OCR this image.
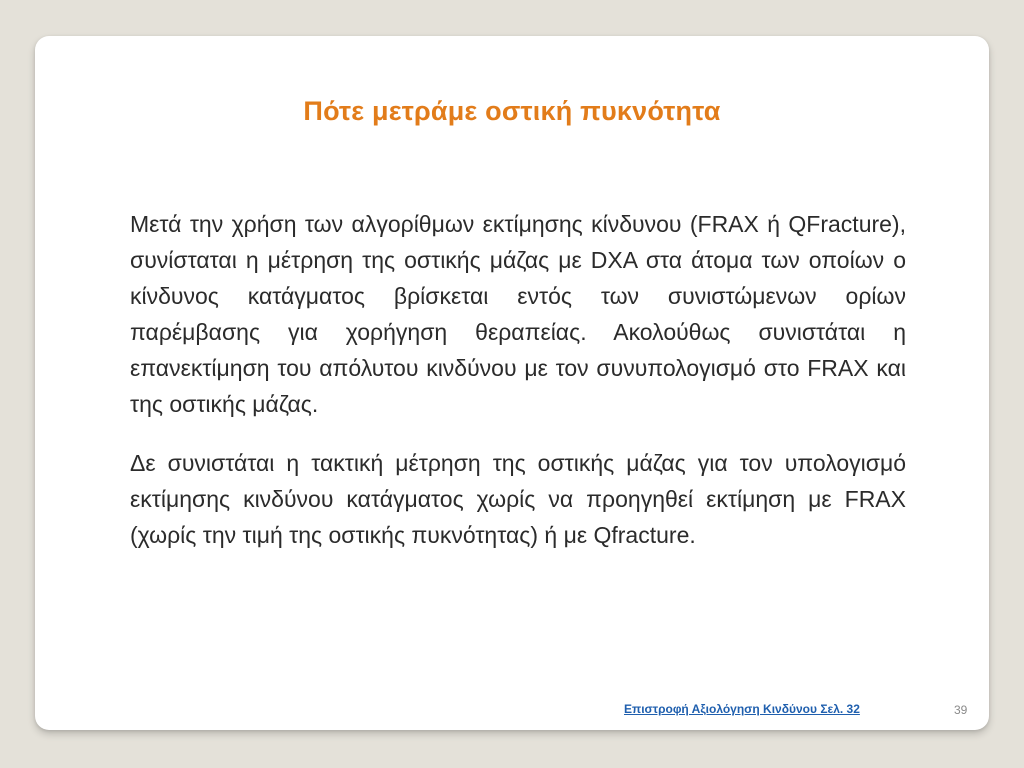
Πότε μετράμε οστική πυκνότητα

Μετά την χρήση των αλγορίθμων εκτίμησης κίνδυνου (FRAX ή QFracture), συνίσταται η μέτρηση της οστικής μάζας με DXA στα άτομα των οποίων ο κίνδυνος κατάγματος βρίσκεται εντός των συνιστώμενων ορίων παρέμβασης για χορήγηση θεραπείας. Ακολούθως συνιστάται η επανεκτίμηση του απόλυτου κινδύνου με τον συνυπολογισμό στο FRAX και της οστικής μάζας.

Δε συνιστάται η τακτική μέτρηση της οστικής μάζας για τον υπολογισμό εκτίμησης κινδύνου κατάγματος χωρίς να προηγηθεί εκτίμηση με FRAX (χωρίς την τιμή της οστικής πυκνότητας) ή με Qfracture.

Επιστροφή Αξιολόγηση Κινδύνου Σελ. 32	39
